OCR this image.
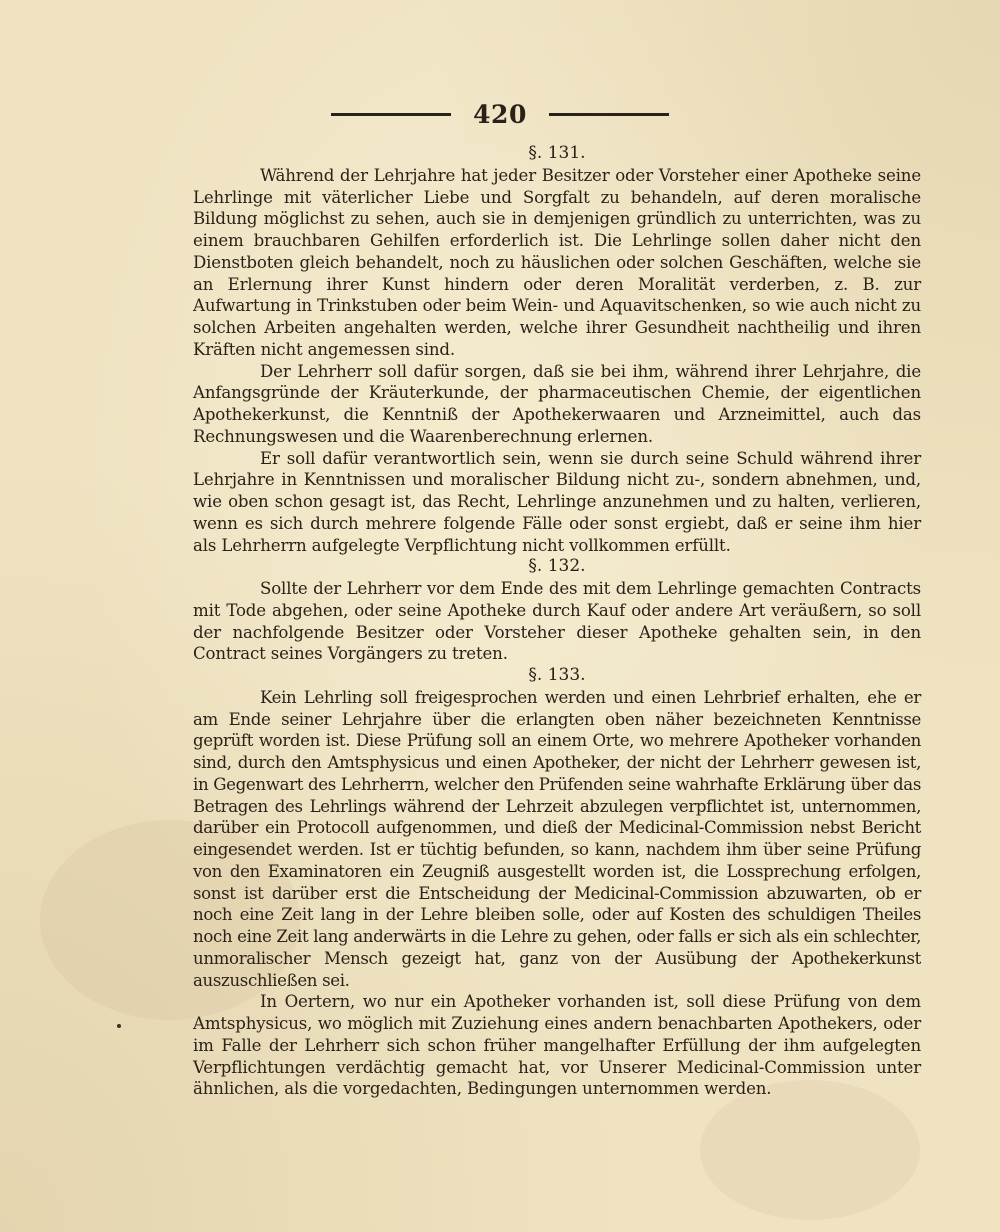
420
§. 131.

Während der Lehrjahre hat jeder Besitzer oder Vorsteher einer Apotheke seine Lehrlinge mit väterlicher Liebe und Sorgfalt zu behandeln, auf deren moralische Bildung möglichst zu sehen, auch sie in demjenigen gründlich zu unterrichten, was zu einem brauchbaren Gehilfen erforderlich ist. Die Lehrlinge sollen daher nicht den Dienstboten gleich behandelt, noch zu häuslichen oder solchen Geschäften, welche sie an Erlernung ihrer Kunst hindern oder deren Moralität verderben, z. B. zur Aufwartung in Trinkstuben oder beim Wein- und Aquavitschenken, so wie auch nicht zu solchen Arbeiten angehalten werden, welche ihrer Gesundheit nachtheilig und ihren Kräften nicht angemessen sind.

Der Lehrherr soll dafür sorgen, daß sie bei ihm, während ihrer Lehrjahre, die Anfangsgründe der Kräuterkunde, der pharmaceutischen Chemie, der eigentlichen Apothekerkunst, die Kenntniß der Apothekerwaaren und Arzneimittel, auch das Rechnungswesen und die Waarenberechnung erlernen.

Er soll dafür verantwortlich sein, wenn sie durch seine Schuld während ihrer Lehrjahre in Kenntnissen und moralischer Bildung nicht zu-, sondern abnehmen, und, wie oben schon gesagt ist, das Recht, Lehrlinge anzunehmen und zu halten, verlieren, wenn es sich durch mehrere folgende Fälle oder sonst ergiebt, daß er seine ihm hier als Lehrherrn aufgelegte Verpflichtung nicht vollkommen erfüllt.

§. 132.

Sollte der Lehrherr vor dem Ende des mit dem Lehrlinge gemachten Contracts mit Tode abgehen, oder seine Apotheke durch Kauf oder andere Art veräußern, so soll der nachfolgende Besitzer oder Vorsteher dieser Apotheke gehalten sein, in den Contract seines Vorgängers zu treten.

§. 133.

Kein Lehrling soll freigesprochen werden und einen Lehrbrief erhalten, ehe er am Ende seiner Lehrjahre über die erlangten oben näher bezeichneten Kenntnisse geprüft worden ist. Diese Prüfung soll an einem Orte, wo mehrere Apotheker vorhanden sind, durch den Amtsphysicus und einen Apotheker, der nicht der Lehrherr gewesen ist, in Gegenwart des Lehrherrn, welcher den Prüfenden seine wahrhafte Erklärung über das Betragen des Lehrlings während der Lehrzeit abzulegen verpflichtet ist, unternommen, darüber ein Protocoll aufgenommen, und dieß der Medicinal-Commission nebst Bericht eingesendet werden. Ist er tüchtig befunden, so kann, nachdem ihm über seine Prüfung von den Examinatoren ein Zeugniß ausgestellt worden ist, die Lossprechung erfolgen, sonst ist darüber erst die Entscheidung der Medicinal-Commission abzuwarten, ob er noch eine Zeit lang in der Lehre bleiben solle, oder auf Kosten des schuldigen Theiles noch eine Zeit lang anderwärts in die Lehre zu gehen, oder falls er sich als ein schlechter, unmoralischer Mensch gezeigt hat, ganz von der Ausübung der Apothekerkunst auszuschließen sei.

In Oertern, wo nur ein Apotheker vorhanden ist, soll diese Prüfung von dem Amtsphysicus, wo möglich mit Zuziehung eines andern benachbarten Apothekers, oder im Falle der Lehrherr sich schon früher mangelhafter Erfüllung der ihm aufgelegten Verpflichtungen verdächtig gemacht hat, vor Unserer Medicinal-Commission unter ähnlichen, als die vorgedachten, Bedingungen unternommen werden.
